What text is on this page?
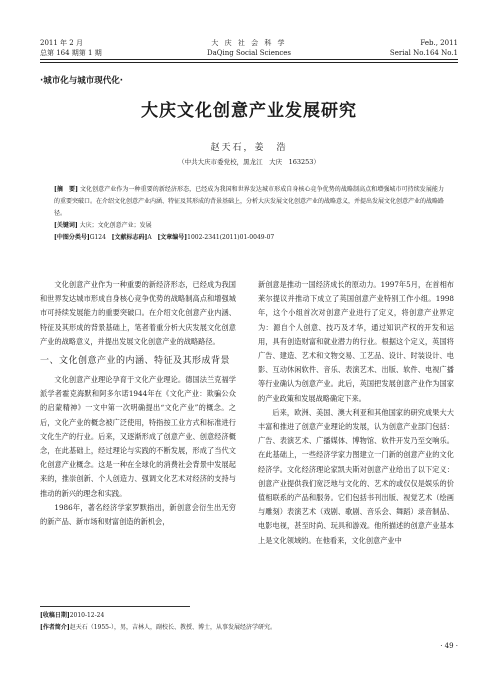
2011 年 2 月
总第 164 期第 1 期
大 庆 社 会 科 学
DaQing Social Sciences
Feb., 2011
Serial No.164 No.1
·城市化与城市现代化·
大庆文化创意产业发展研究
赵天石，姜　浩
（中共大庆市委党校，黑龙江　大庆　163253）

[摘　要] 文化创意产业作为一种重要的新经济形态，已经成为我国和世界发达城市形成自身核心竞争优势的战略制高点和增强城市可持续发展能力的重要突破口。在介绍文化创意产业内涵、特征及其形成的背景基础上，分析大庆发展文化创意产业的战略意义，并提出发展文化创意产业的战略路径。

[关键词] 大庆；文化创意产业；发展

[中图分类号]G124 [文献标志码]A [文章编号]1002-2341(2011)01-0049-07

文化创意产业作为一种重要的新经济形态，已经成为我国和世界发达城市形成自身核心竞争优势的战略制高点和增强城市可持续发展能力的重要突破口。在介绍文化创意产业内涵、特征及其形成的背景基础上，笔者着重分析大庆发展文化创意产业的战略意义，并提出发展文化创意产业的战略路径。

一、文化创意产业的内涵、特征及其形成背景

文化创意产业理论孕育于文化产业理论。德国法兰克福学派学者霍克海默和阿多尔诺1944年在《文化产业：欺骗公众的启蒙精神》一文中第一次明确提出“文化产业”的概念。之后，文化产业的概念被广泛使用，特指按工业方式和标准进行文化生产的行业。后来，又逐渐形成了创意产业、创意经济概念，在此基础上，经过理论与实践的不断发展，形成了当代文化创意产业概念。这是一种在全球化的消费社会背景中发展起来的，推崇创新、个人创造力、强调文化艺术对经济的支持与推动的新兴的理念和实践。

1986年，著名经济学家罗默指出，新创意会衍生出无穷的新产品、新市场和财富创造的新机会，

新创意是推动一国经济成长的原动力。1997年5月，在首相布莱尔提议并推动下成立了英国创意产业特别工作小组。1998年，这个小组首次对创意产业进行了定义，将创意产业界定为：源自个人创意、技巧及才华，通过知识产权的开发和运用，具有创造财富和就业潜力的行业。根据这个定义，英国将广告、建造、艺术和文物交易、工艺品、设计、时装设计、电影、互动休闲软件、音乐、表演艺术、出版、软件、电视广播等行业确认为创意产业。此后，英国把发展创意产业作为国家的产业政策和发展战略确定下来。

后来，欧洲、美国、澳大利亚和其他国家的研究成果大大丰富和推进了创意产业理论的发展，认为创意产业部门包括：广告、表演艺术、广播媒体、博物馆、软件开发乃至交响乐。在此基础上，一些经济学家力图建立一门新的创意产业的文化经济学。文化经济理论家凯夫斯对创意产业给出了以下定义：创意产业提供我们宽泛地与文化的、艺术的或仅仅是娱乐的价值相联系的产品和服务。它们包括书刊出版、视觉艺术（绘画与雕刻）表演艺术（戏剧、歌剧、音乐会、舞蹈）录音制品、电影电视，甚至时尚、玩具和游戏。他所描述的创意产业基本上是文化领域的。在他看来，文化创意产业中

[收稿日期]2010-12-24
[作者简介]赵天石（1955-），男，吉林人，副校长、教授、博士，从事发展经济学研究。
· 49 ·
